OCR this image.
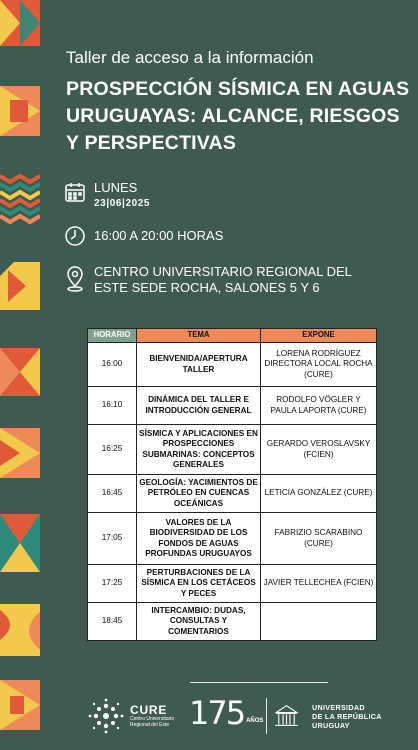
Taller de acceso a la información
PROSPECCIÓN SÍSMICA EN AGUAS URUGUAYAS: ALCANCE, RIESGOS Y PERSPECTIVAS
LUNES
23|06|2025
16:00 A 20:00 HORAS
CENTRO UNIVERSITARIO REGIONAL DEL
ESTE SEDE ROCHA, SALONES 5 Y 6
HORARIO	TEMA	EXPONE
16:00	BIENVENIDA/APERTURA TALLER	LORENA RODRÍGUEZ DIRECTORA LOCAL ROCHA (CURE)
16:10	DINÁMICA DEL TALLER E INTRODUCCIÓN GENERAL	RODOLFO VÖGLER Y PAULA LAPORTA (CURE)
16:25	SÍSMICA Y APLICACIONES EN PROSPECCIONES SUBMARINAS: CONCEPTOS GENERALES	GERARDO VEROSLAVSKY (FCIEN)
16:45	GEOLOGÍA: YACIMIENTOS DE PETRÓLEO EN CUENCAS OCEÁNICAS	LETICIA GONZÁLEZ (CURE)
17:05	VALORES DE LA BIODIVERSIDAD DE LOS FONDOS DE AGUAS PROFUNDAS URUGUAYOS	FABRIZIO SCARABINO (CURE)
17:25	PERTURBACIONES DE LA SÍSMICA EN LOS CETÁCEOS Y PECES	JAVIER TELLECHEA (FCIEN)
18:45	INTERCAMBIO: DUDAS, CONSULTAS Y COMENTARIOS	
CURE
Centro Universitario
Regional del Este 175 AÑOS
UNIVERSIDAD
DE LA REPÚBLICA
URUGUAY
